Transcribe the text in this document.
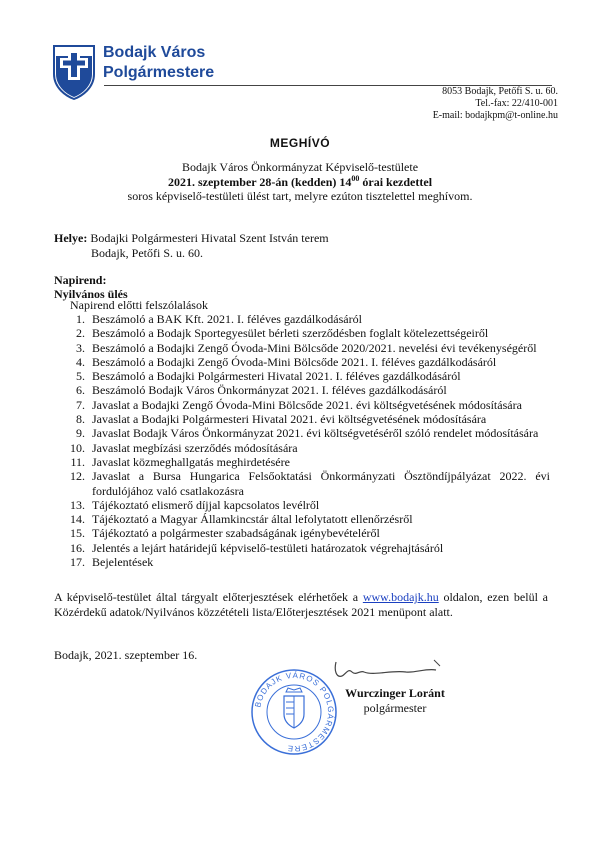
Bodajk Város
Polgármestere
8053 Bodajk, Petőfi S. u. 60.
Tel.-fax: 22/410-001
E-mail: bodajkpm@t-online.hu
MEGHÍVÓ
Bodajk Város Önkormányzat Képviselő-testülete
2021. szeptember 28-án (kedden) $14^{00}$ órai kezdettel
soros képviselő-testületi ülést tart, melyre ezúton tisztelettel meghívom.
Helye: Bodajki Polgármesteri Hivatal Szent István terem
Bodajk, Petőfi S. u. 60.
Napirend:
Nyilvános ülés
Napirend előtti felszólalások
1. Beszámoló a BAK Kft. 2021. I. féléves gazdálkodásáról
2. Beszámoló a Bodajk Sportegyesület bérleti szerződésben foglalt kötelezettségeiről
3. Beszámoló a Bodajki Zengő Óvoda-Mini Bölcsőde 2020/2021. nevelési évi tevékenységéről
4. Beszámoló a Bodajki Zengő Óvoda-Mini Bölcsőde 2021. I. féléves gazdálkodásáról
5. Beszámoló a Bodajki Polgármesteri Hivatal 2021. I. féléves gazdálkodásáról
6. Beszámoló Bodajk Város Önkormányzat 2021. I. féléves gazdálkodásáról
7. Javaslat a Bodajki Zengő Óvoda-Mini Bölcsőde 2021. évi költségvetésének módosítására
8. Javaslat a Bodajki Polgármesteri Hivatal 2021. évi költségvetésének módosítására
9. Javaslat Bodajk Város Önkormányzat 2021. évi költségvetéséről szóló rendelet módosítására
10. Javaslat megbízási szerződés módosítására
11. Javaslat közmeghallgatás meghirdetésére
12. Javaslat a Bursa Hungarica Felsőoktatási Önkormányzati Ösztöndíjpályázat 2022. évi
fordulójához való csatlakozásra
13. Tájékoztató elismerő díjjal kapcsolatos levélről
14. Tájékoztató a Magyar Államkincstár által lefolytatott ellenőrzésről
15. Tájékoztató a polgármester szabadságának igénybevételéről
16. Jelentés a lejárt határidejű képviselő-testületi határozatok végrehajtásáról
17. Bejelentések
A képviselő-testület által tárgyalt előterjesztések elérhetőek a www.bodajk.hu oldalon, ezen belül a Közérdekű adatok/Nyilvános közzétételi lista/Előterjesztések 2021 menüpont alatt.
Bodajk, 2021. szeptember 16.
BODAJK VÁROS POLGÁRMESTERE
Wurczinger Loránt
polgármester
